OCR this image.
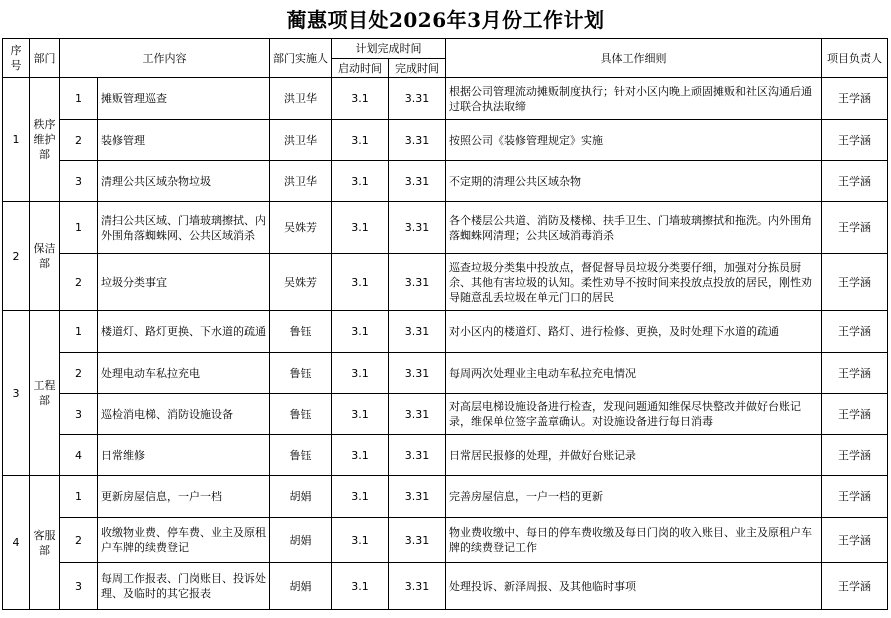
蔺惠项目处2026年3月份工作计划
序号	部门	工作内容		部门实施人	计划完成时间		具体工作细则	项目负责人
					启动时间	完成时间		
1	秩序维护部	1	摊贩管理巡查	洪卫华	3.1	3.31	根据公司管理流动摊贩制度执行；针对小区内晚上顽固摊贩和社区沟通后通过联合执法取缔	王学涵
		2	装修管理	洪卫华	3.1	3.31	按照公司《装修管理规定》实施	王学涵
		3	清理公共区域杂物垃圾	洪卫华	3.1	3.31	不定期的清理公共区域杂物	王学涵
2	保洁部	1	清扫公共区域、门墙玻璃擦拭、内外围角落蜘蛛网、公共区域消杀	吴姝芳	3.1	3.31	各个楼层公共道、消防及楼梯、扶手卫生、门墙玻璃擦拭和拖洗。内外围角落蜘蛛网清理；公共区域消毒消杀	王学涵
		2	垃圾分类事宜	吴姝芳	3.1	3.31	巡查垃圾分类集中投放点，督促督导员垃圾分类要仔细，加强对分拣员厨余、其他有害垃圾的认知。柔性劝导不按时间来投放点投放的居民，刚性劝导随意乱丢垃圾在单元门口的居民	王学涵
3	工程部	1	楼道灯、路灯更换、下水道的疏通	鲁钰	3.1	3.31	对小区内的楼道灯、路灯、进行检修、更换，及时处理下水道的疏通	王学涵
		2	处理电动车私拉充电	鲁钰	3.1	3.31	每周两次处理业主电动车私拉充电情况	王学涵
		3	巡检消电梯、消防设施设备	鲁钰	3.1	3.31	对高层电梯设施设备进行检查，发现问题通知维保尽快整改并做好台账记录，维保单位签字盖章确认。对设施设备进行每日消毒	王学涵
		4	日常维修	鲁钰	3.1	3.31	日常居民报修的处理，并做好台账记录	王学涵
4	客服部	1	更新房屋信息，一户一档	胡娟	3.1	3.31	完善房屋信息，一户一档的更新	王学涵
		2	收缴物业费、停车费、业主及原租户车牌的续费登记	胡娟	3.1	3.31	物业费收缴中、每日的停车费收缴及每日门岗的收入账目、业主及原租户车牌的续费登记工作	王学涵
		3	每周工作报表、门岗账目、投诉处理、及临时的其它报表	胡娟	3.1	3.31	处理投诉、新泽周报、及其他临时事项	王学涵
